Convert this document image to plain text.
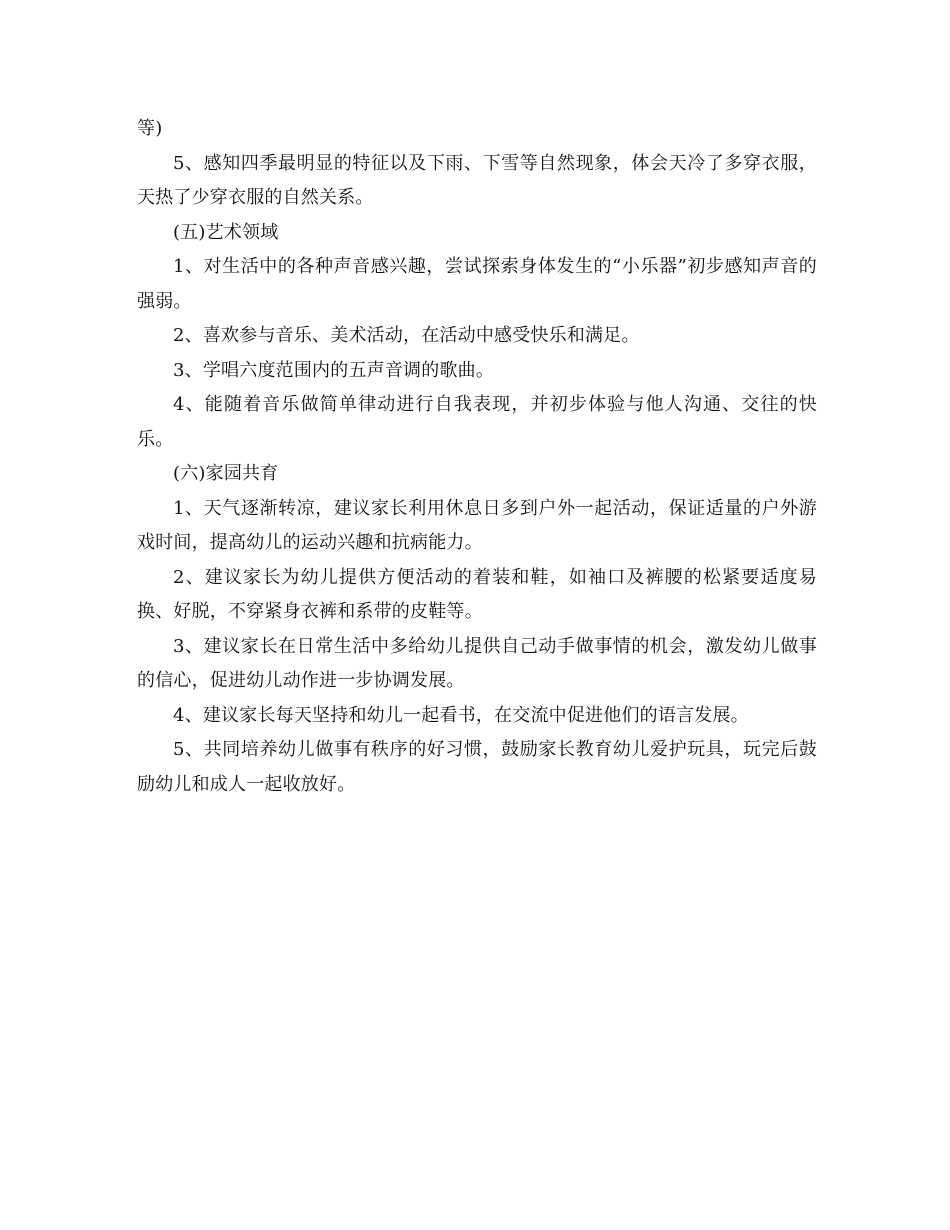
等)

5、感知四季最明显的特征以及下雨、下雪等自然现象，体会天冷了多穿衣服，天热了少穿衣服的自然关系。

(五)艺术领域

1、对生活中的各种声音感兴趣，尝试探索身体发生的“小乐器”初步感知声音的强弱。

2、喜欢参与音乐、美术活动，在活动中感受快乐和满足。

3、学唱六度范围内的五声音调的歌曲。

4、能随着音乐做简单律动进行自我表现，并初步体验与他人沟通、交往的快乐。

(六)家园共育

1、天气逐渐转凉，建议家长利用休息日多到户外一起活动，保证适量的户外游戏时间，提高幼儿的运动兴趣和抗病能力。

2、建议家长为幼儿提供方便活动的着装和鞋，如袖口及裤腰的松紧要适度易换、好脱，不穿紧身衣裤和系带的皮鞋等。

3、建议家长在日常生活中多给幼儿提供自己动手做事情的机会，激发幼儿做事的信心，促进幼儿动作进一步协调发展。

4、建议家长每天坚持和幼儿一起看书，在交流中促进他们的语言发展。

5、共同培养幼儿做事有秩序的好习惯，鼓励家长教育幼儿爱护玩具，玩完后鼓励幼儿和成人一起收放好。
